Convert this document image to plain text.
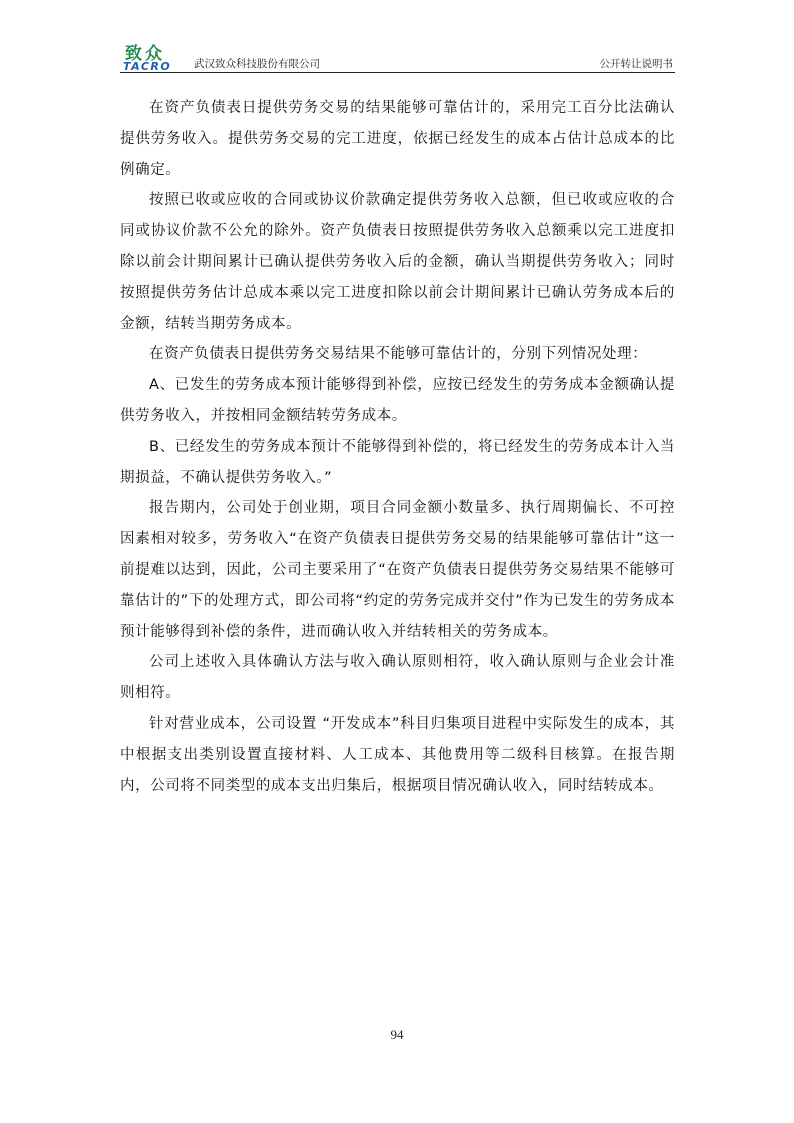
致众
TACRO 武汉致众科技股份有限公司	公开转让说明书

在资产负债表日提供劳务交易的结果能够可靠估计的，采用完工百分比法确认提供劳务收入。提供劳务交易的完工进度，依据已经发生的成本占估计总成本的比例确定。

按照已收或应收的合同或协议价款确定提供劳务收入总额，但已收或应收的合同或协议价款不公允的除外。资产负债表日按照提供劳务收入总额乘以完工进度扣除以前会计期间累计已确认提供劳务收入后的金额，确认当期提供劳务收入；同时按照提供劳务估计总成本乘以完工进度扣除以前会计期间累计已确认劳务成本后的金额，结转当期劳务成本。

在资产负债表日提供劳务交易结果不能够可靠估计的，分别下列情况处理：

A、已发生的劳务成本预计能够得到补偿，应按已经发生的劳务成本金额确认提供劳务收入，并按相同金额结转劳务成本。

B、已经发生的劳务成本预计不能够得到补偿的，将已经发生的劳务成本计入当期损益，不确认提供劳务收入。”

报告期内，公司处于创业期，项目合同金额小数量多、执行周期偏长、不可控因素相对较多，劳务收入“在资产负债表日提供劳务交易的结果能够可靠估计”这一前提难以达到，因此，公司主要采用了“在资产负债表日提供劳务交易结果不能够可靠估计的”下的处理方式，即公司将“约定的劳务完成并交付”作为已发生的劳务成本预计能够得到补偿的条件，进而确认收入并结转相关的劳务成本。

公司上述收入具体确认方法与收入确认原则相符，收入确认原则与企业会计准则相符。

针对营业成本，公司设置 “开发成本”科目归集项目进程中实际发生的成本，其中根据支出类别设置直接材料、人工成本、其他费用等二级科目核算。在报告期内，公司将不同类型的成本支出归集后，根据项目情况确认收入，同时结转成本。

94
